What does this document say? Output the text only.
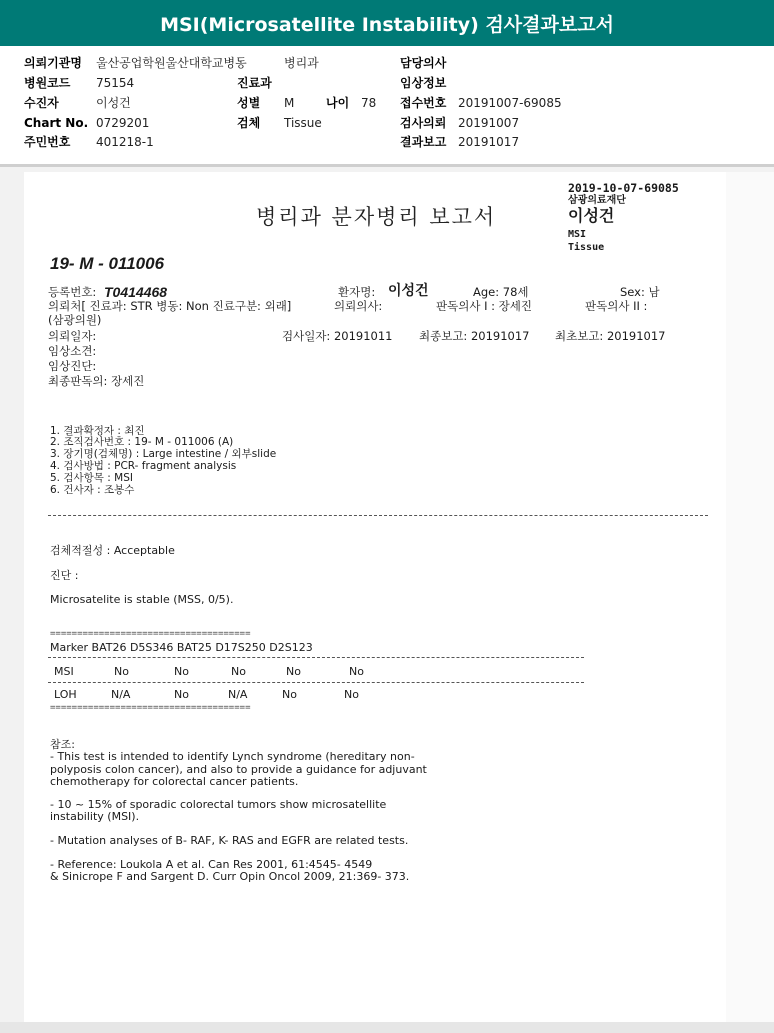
MSI(Microsatellite Instability) 검사결과보고서
의뢰기관명 울산공업학원울산대학교병동	병리과	담당의사
병원코드 75154	진료과	임상정보
수진자	이성건	성별 M	나이 78 접수번호 20191007-69085
Chart No. 0729201	검체 Tissue	검사의뢰 20191007
주민번호 401218-1	결과보고 20191017
2019-10-07-69085
삼광의료재단
이성건
MSI
Tissue
병리과 분자병리 보고서
19- M - 011006
등록번호: T0414468	환자명: 이성건	Age: 78세	Sex: 남
의뢰처[ 진료과: STR 병동: Non 진료구분: 외래]	의뢰의사:	판독의사 I : 장세진	판독의사 II :
(삼광의원)
의뢰일자:	검사일자: 20191011 최종보고: 20191017 최초보고: 20191017
임상소견:
임상진단:
최종판독의: 장세진
1. 결과확정자 : 최진
2. 조직검사번호 : 19- M - 011006 (A)
3. 장기명(검체명) : Large intestine / 외부slide
4. 검사방법 : PCR- fragment analysis
5. 검사항목 : MSI
6. 건사자 : 조봉수
검체적절성 : Acceptable
진단 :
Microsatelite is stable (MSS, 0/5).
=====================================
Marker BAT26 D5S346 BAT25 D17S250 D2S123
MSI	No	No	No	No	No
LOH	N/A	No	N/A	No	No
=====================================
참조:
- This test is intended to identify Lynch syndrome (hereditary non-
polyposis colon cancer), and also to provide a guidance for adjuvant
chemotherapy for colorectal cancer patients.
- 10 ~ 15% of sporadic colorectal tumors show microsatellite
instability (MSI).
- Mutation analyses of B- RAF, K- RAS and EGFR are related tests.
- Reference: Loukola A et al. Can Res 2001, 61:4545- 4549
& Sinicrope F and Sargent D. Curr Opin Oncol 2009, 21:369- 373.
